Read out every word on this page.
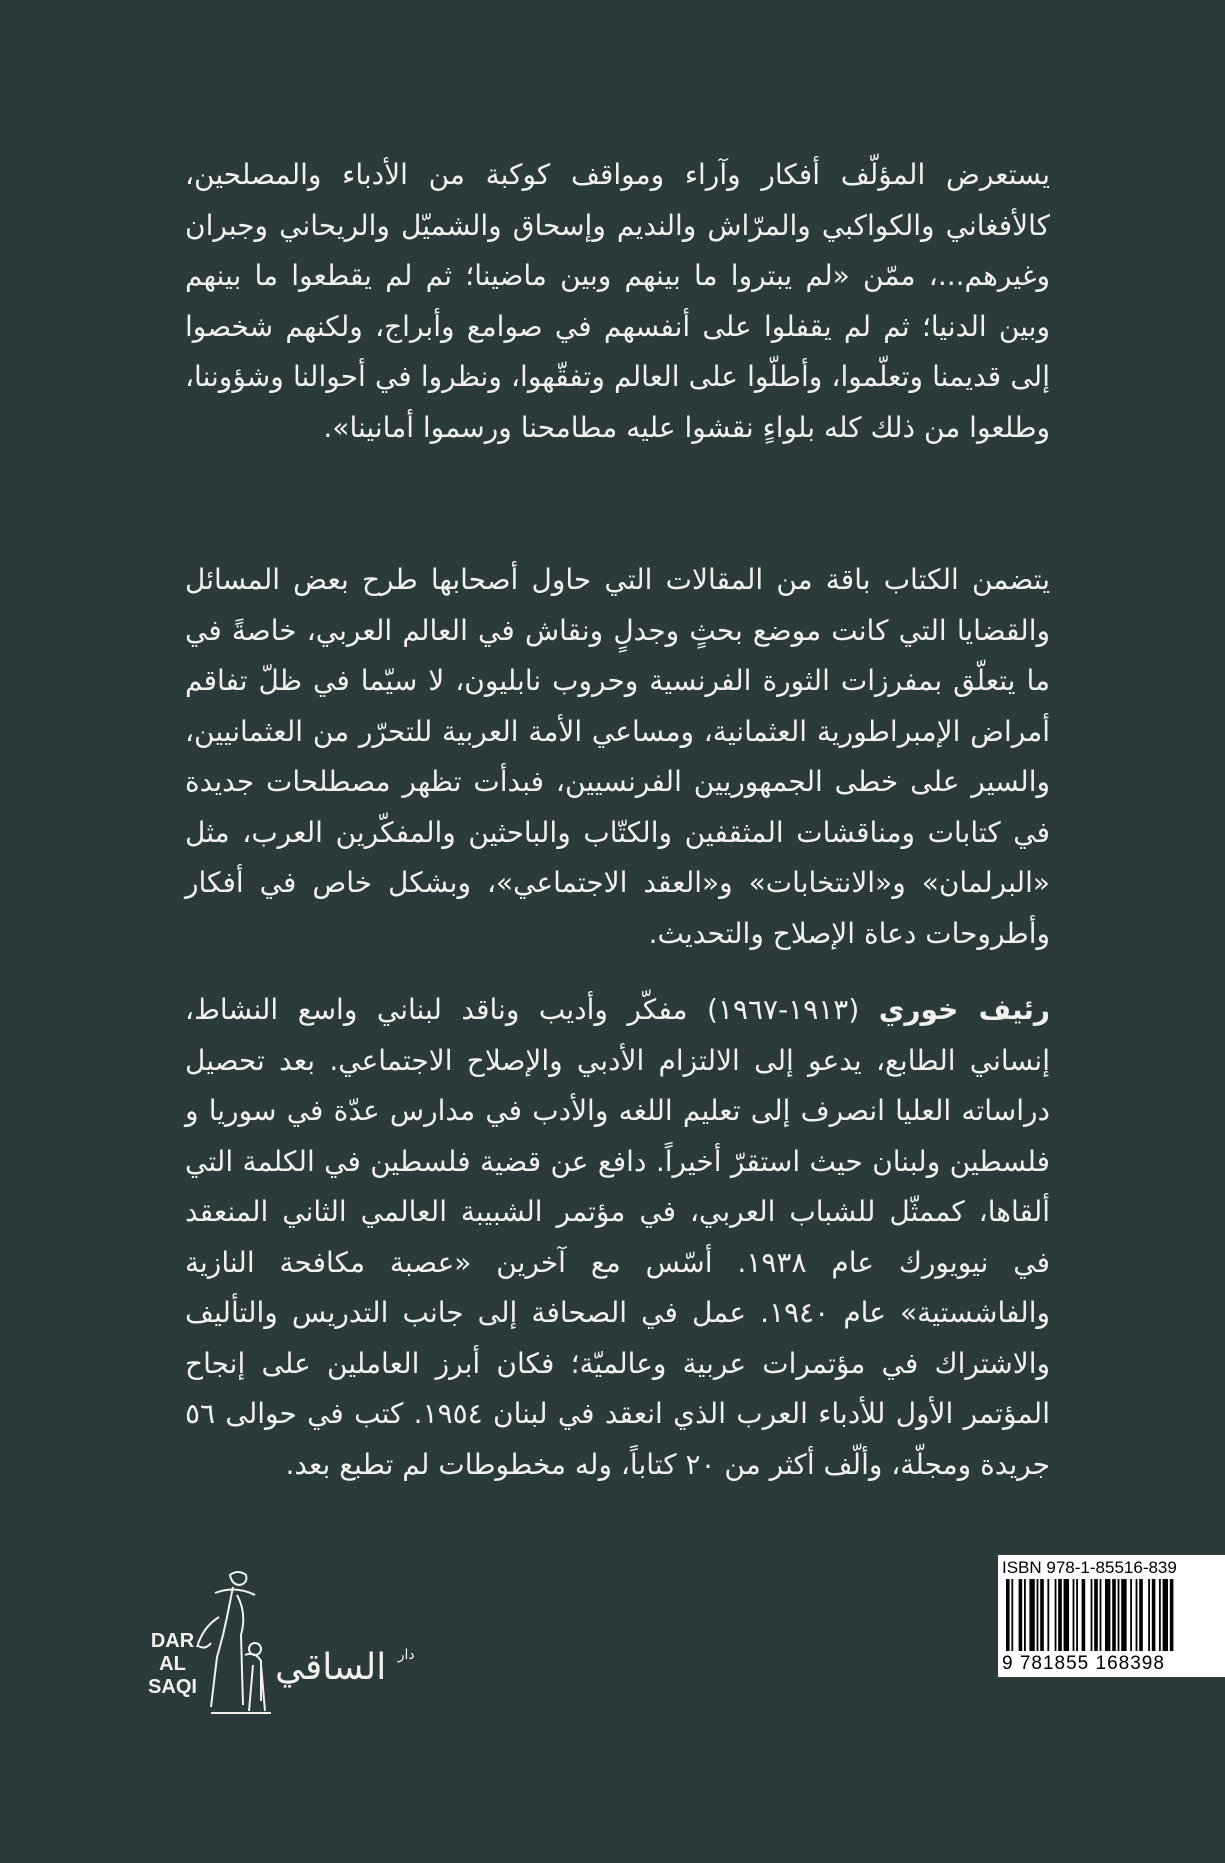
يستعرض المؤلّف أفكار وآراء ومواقف كوكبة من الأدباء والمصلحين، كالأفغاني والكواكبي والمرّاش والنديم وإسحاق والشميّل والريحاني وجبران وغيرهم...، ممّن «لم يبتروا ما بينهم وبين ماضينا؛ ثم لم يقطعوا ما بينهم وبين الدنيا؛ ثم لم يقفلوا على أنفسهم في صوامع وأبراج، ولكنهم شخصوا إلى قديمنا وتعلّموا، وأطلّوا على العالم وتفقّهوا، ونظروا في أحوالنا وشؤوننا، وطلعوا من ذلك كله بلواءٍ نقشوا عليه مطامحنا ورسموا أمانينا».
يتضمن الكتاب باقة من المقالات التي حاول أصحابها طرح بعض المسائل والقضايا التي كانت موضع بحثٍ وجدلٍ ونقاش في العالم العربي، خاصةً في ما يتعلّق بمفرزات الثورة الفرنسية وحروب نابليون، لا سيّما في ظلّ تفاقم أمراض الإمبراطورية العثمانية، ومساعي الأمة العربية للتحرّر من العثمانيين، والسير على خطى الجمهوريين الفرنسيين، فبدأت تظهر مصطلحات جديدة في كتابات ومناقشات المثقفين والكتّاب والباحثين والمفكّرين العرب، مثل «البرلمان» و«الانتخابات» و«العقد الاجتماعي»، وبشكل خاص في أفكار وأطروحات دعاة الإصلاح والتحديث.
رئيف خوري (١٩١٣-١٩٦٧) مفكّر وأديب وناقد لبناني واسع النشاط، إنساني الطابع، يدعو إلى الالتزام الأدبي والإصلاح الاجتماعي. بعد تحصيل دراساته العليا انصرف إلى تعليم اللغه والأدب في مدارس عدّة في سوريا و فلسطين ولبنان حيث استقرّ أخيراً. دافع عن قضية فلسطين في الكلمة التي ألقاها، كممثّل للشباب العربي، في مؤتمر الشبيبة العالمي الثاني المنعقد في نيويورك عام ١٩٣٨. أسّس مع آخرين «عصبة مكافحة النازية والفاشستية» عام ١٩٤٠. عمل في الصحافة إلى جانب التدريس والتأليف والاشتراك في مؤتمرات عربية وعالميّة؛ فكان أبرز العاملين على إنجاح المؤتمر الأول للأدباء العرب الذي انعقد في لبنان ١٩٥٤. كتب في حوالى ٥٦ جريدة ومجلّة، وألّف أكثر من ٢٠ كتاباً، وله مخطوطات لم تطبع بعد.
ISBN 978-1-85516-839
9 781855 168398
DAR
AL SAQI
$^{دار}$ الساقي
